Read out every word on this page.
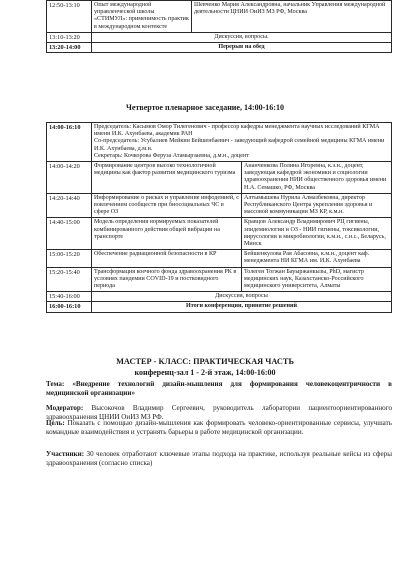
12:50-13:10	Опыт международной управленческой школы «СТИМУЛ»: применимость практик в международном контексте	Шевченко Мария Александровна, начальник Управления международной деятельности ЦНИИ ОиИЗ МЗ РФ, Москва
13:10-13:20	Дискуссия, вопросы.	
13:20-14:00	Перерыв на обед	
Четвертое пленарное заседание, 14:00-16:10
14:00-16:10	Председатель: Касымов Омор Тилегенович - профессор кафедры менеджмента научных исследований КГМА имени И.К. Ахунбаева, академик РАН
Со-председатель: Усубалиев Мейкин Бейшенбаевич - заведующий кафедрой семейной медицины КГМА имени И.К. Ахунбаева, д.м.н.
Секретарь: Кочкорова Феруза Атамырзаевна, д.м.н., доцент	

14:00-14:20	Формирование центров высоко технологичной медицины как фактор развития медицинского туризма	Ананченкова Полина Игоревна, к.э.н., доцент, заведующая кафедрой экономики и социологии здравоохранения НИИ общественного здоровья имени Н.А. Семашко, РФ, Москва
14:20-14:40	Информирование о рисках и управление инфодемией, с вовлечением сообществ при биосоциальных ЧС в сфере ОЗ	Алтымышева Нурила Алмазбековна, директор Республиканского Центра укрепления здоровья и массовой коммуникации МЗ КР, к.м.н.
14:40-15:00	Модель определения нормируемых показателей комбинированного действия общей вибрации на транспорте	Кравцов Александр Владимирович РЦ гигиены, эпидемиологии и ОЗ - НИИ гигиены, токсикологии, вирусологии и микробиологии, к.м.н., с.н.с., Беларусь, Минск
15:00-15:20	Обеспечение радиационной безопасности в КР	Бейшенкулова Рая Абасовна, к.м.н., доцент каф. менеджмента НИ КГМА им. И.К. Ахунбаева
15:20-15:40	Трансформация коечного фонда здравоохранения РК в условиях пандемии COVID-19 и постковидного периода	Толеген Тогжан Бауыржанкызы, PhD, магистр медицинских наук, Казахстанско-Российского медицинского университета, Алматы
15:40-16:00	Дискуссия, вопросы	
16:00-16:10	Итоги конференции, принятие решений	
МАСТЕР - КЛАСС: ПРАКТИЧЕСКАЯ ЧАСТЬ
конференц-зал 1 - 2-й этаж, 14:00-16:00
Тема: «Внедрение технологий дизайн-мышления для формирования человекоцентричности в медицинской организации»
Модератор: Высокочов Владимир Сергеевич, руководитель лаборатории пациентоориентированного здравоохранения ЦНИИ ОиИЗ МЗ РФ.
Цель: Показать с помощью дизайн-мышления как формировать человеко-ориентированные сервисы, улучшать командные взаимодействия и устранять барьеры в работе медицинской организации.
Участники: 30 человек отработают ключевые этапы подхода на практике, используя реальные кейсы из сферы здравоохранения (согласно списка)
